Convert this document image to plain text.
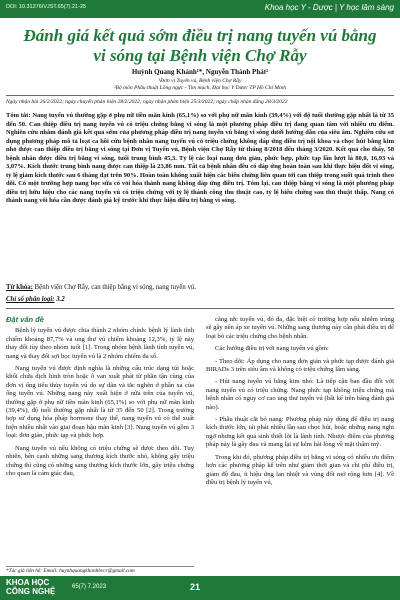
DOI: 10.31276/VJST.65(7).21-25	Khoa học Y - Dược | Y học lâm sàng
Đánh giá kết quả sớm điều trị nang tuyến vú bằng vi sóng tại Bệnh viện Chợ Rẫy
Huỳnh Quang Khánh¹*, Nguyễn Thành Phát²
¹Đơn vị Tuyến vú, Bệnh viện Chợ Rẫy
²Bộ môn Phẫu thuật Lồng ngực - Tim mạch, Đại học Y Dược TP Hồ Chí Minh
Ngày nhận bài 26/2/2022; ngày chuyển phản biện 28/2/2022; ngày nhận phản biện 25/3/2022; ngày chấp nhận đăng 28/3/2022
Tóm tắt: Nang tuyến vú thường gặp ở phụ nữ tiền mãn kinh (65,1%) so với phụ nữ mãn kinh (39,4%) với độ tuổi thường gặp nhất là từ 35 đến 50. Can thiệp điều trị nang tuyến vú có triệu chứng bằng vi sóng là một phương pháp điều trị đang quan tâm với nhiều ưu điểm. Nghiên cứu nhằm đánh giá kết quả sớm của phương pháp điều trị nang tuyến vú bằng vi sóng dưới hướng dẫn của siêu âm. Nghiên cứu sử dụng phương pháp mô tả loạt ca hồi cứu bệnh nhân nang tuyến vú có triệu chứng không đáp ứng điều trị nội khoa và chọc hút bằng kim nhỏ được can thiệp điều trị bằng vi sóng tại Đơn vị Tuyến vú, Bệnh viện Chợ Rẫy từ tháng 8/2018 đến tháng 3/2020. Kết quả cho thấy, 58 bệnh nhân được điều trị bằng vi sóng, tuổi trung bình 45,3. Tỷ lệ các loại nang đơn giản, phức hợp, phức tạp lần lượt là 80,0, 16,93 và 3,07%. Kích thước trung bình nang được can thiệp là 23,86 mm. Tất cả bệnh nhân đều có đáp ứng hoàn toàn sau khi thực hiện đốt vi sóng, tỷ lệ giảm kích thước sau 6 tháng đạt trên 90%. Hoàn toàn không xuất hiện các biến chứng liên quan tới can thiệp trong suốt quá trình theo dõi. Có một trường hợp nang bọc sữa có vỏi hóa thành nang không đáp ứng điều trị. Tóm lại, can thiệp bằng vi sóng là một phương pháp điều trị hữu hiệu cho các nang tuyến vú có triệu chứng với tỷ lệ thành công thu thuật cao, tỷ lệ biến chứng sau thủ thuật thấp. Nang có thành nang vôi hóa cần được đánh giá kỹ trước khi thực hiện điều trị bằng vi sóng.
Từ khóa: Bệnh viện Chợ Rẫy, can thiệp bằng vi sóng, nang tuyến vú.
Chỉ số phân loại: 3.2
Đặt vấn đề

Bệnh lý tuyến vú được chia thành 2 nhóm chính: bệnh lý lành tính chiếm khoảng 87,7% và ung thư vú chiếm khoảng 12,3%, tỷ lệ này thay đổi tùy theo nhóm tuổi [1]. Trong nhóm bệnh lành tính tuyến vú, nang và thay đổi sợi bọc tuyến vú là 2 nhóm chiếm đa số.

Nang tuyến vú được định nghĩa là những cấu trúc dạng túi hoặc khối chứa dịch hình tròn hoặc ô van xuất phát từ phần tận cùng của đơn vị ống tiểu thùy tuyến vú do sự dãn và tắc nghẽn ở phần xa của ống tuyến vú. Những nang này xuất hiện ở nữa trên của tuyến vú, thường gặp ở phụ nữ tiền mãn kinh (65,1%) so với phụ nữ mãn kinh (39,4%), độ tuổi thường gặp nhất là từ 35 đến 50 [2]. Trong trường hợp sử dụng hóa pháp hormone thay thế, nang tuyến vú có thể xuất hiện nhiều nhất vào giai đoạn hậu mãn kinh [3]. Nang tuyến vú gồm 3 loại: đơn giản, phức tạp và phức hợp.

Nang tuyến vú nếu không có triệu chứng sẽ được theo dõi. Tuy nhiên, bên cạnh những sang thương kích thước nhỏ, không gây triệu chứng thì cũng có những sang thương kích thước lớn, gây triệu chứng cho quan là cảm giác đau,

căng tức tuyến vú, đó đa, đặc biệt có trường hợp nếu nhiễm trùng sẽ gây nên áp xe tuyến vú. Những sang thương này cần phải điều trị để loại bỏ các triệu chứng cho bệnh nhân.

Các hướng điều trị với nang tuyến vú gồm:

- Theo dõi: Áp dụng cho nang đơn giản và phức tạp được đánh giá BIRADs 3 trên siêu âm và không có triệu chứng lâm sàng.

- Hút nang tuyến vú bằng kim nhỏ: Là tiếp cận ban đầu đối với nang tuyến vú có triệu chứng. Nang phức tạp không triệu chứng mà bệnh nhân có nguy cơ cao ung thư tuyến vú (bất kể trên bảng đánh giá nào).

- Phẫu thuật cắt bỏ nang: Phương pháp này dùng để điều trị nang kích thước lớn, tái phát nhiều lần sau chọc hút, hoặc những nang nghi ngờ nhưng kết quả sinh thiết lõi là lành tính. Nhược điểm của phương pháp này là gây đau và mang lại sự kém hài lòng về mặt thẩm mỹ.

Trong khi đó, phương pháp điều trị bằng vi sóng có nhiều ưu điểm hơn các phương pháp kể trên như giảm thời gian và chi phí điều trị, giảm độ đau, ít hiệu ứng lan nhiệt và vùng đốt mở rộng hơn [4]. Về điều trị bệnh lý tuyến vú,

*Tác giả liên hệ: Email: huynhquangkhanhbvcr@gmail.com
KHOA HỌC
CÔNG NGHỆ	65(7) 7.2023	21
